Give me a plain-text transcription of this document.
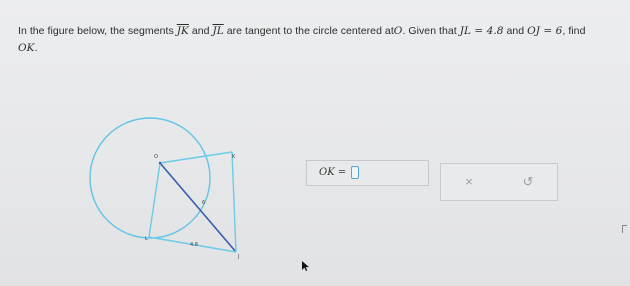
In the figure below, the segments $\overline{JK}$ and $\overline{JL}$ are tangent to the circle centered atO. Given that JL = 4.8 and OJ = 6, find
OK.
O	K
L
J
6
4.8
OK =
×	↺
